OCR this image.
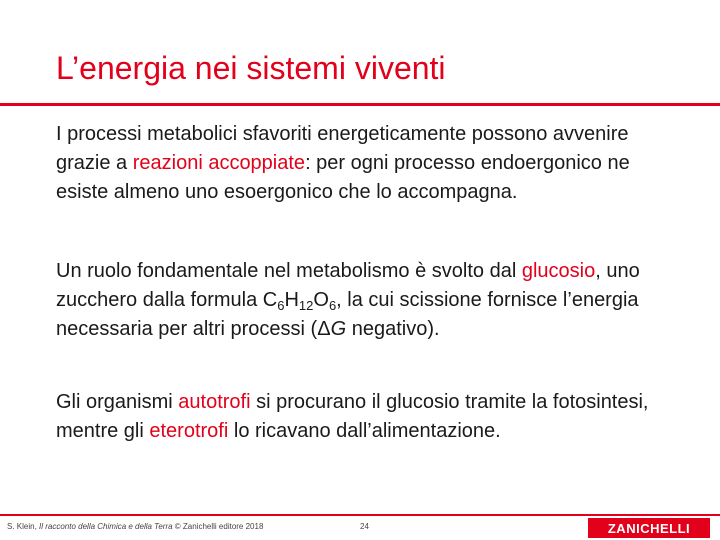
L’energia nei sistemi viventi
I processi metabolici sfavoriti energeticamente possono avvenire grazie a reazioni accoppiate: per ogni processo endoergonico ne esiste almeno uno esoergonico che lo accompagna.
Un ruolo fondamentale nel metabolismo è svolto dal glucosio, uno zucchero dalla formula $C_6H_{12}O_6$, la cui scissione fornisce l’energia necessaria per altri processi (ΔG negativo).
Gli organismi autotrofi si procurano il glucosio tramite la fotosintesi, mentre gli eterotrofi lo ricavano dall’alimentazione.
S. Klein, Il racconto della Chimica e della Terra © Zanichelli editore 2018	24	ZANICHELLI
